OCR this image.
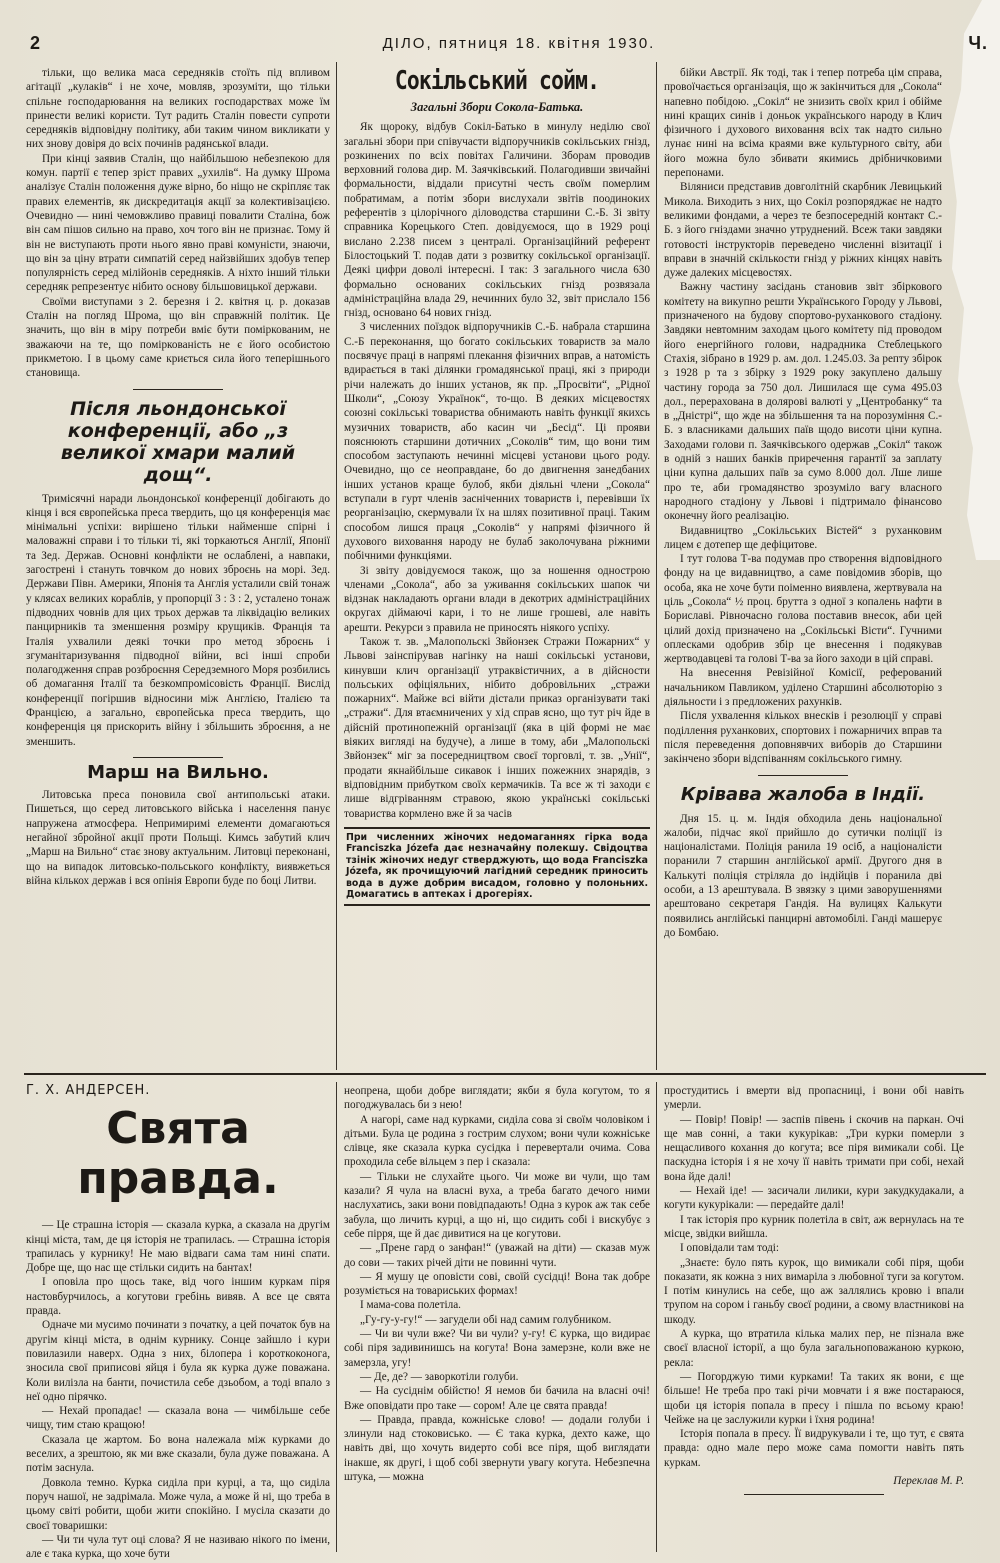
2	ДІЛО, пятниця 18. квітня 1930.	Ч.

тільки, що велика маса середняків стоїть під впливом агітації „кулаків“ і не хоче, мовляв, зрозуміти, що тільки спільне господарювання на великих господарствах може їм принести великі користи. Тут радить Сталін повести супроти середняків відповідну політику, аби таким чином викликати у них знову довіря до всіх починів радянської влади.

При кінці заявив Сталін, що найбільшою небезпекою для комун. партії є тепер зріст правих „ухилів“. На думку Шрома аналізує Сталін положення дуже вірно, бо ніщо не скріпляє так правих елементів, як дискредитація акції за колективізацією. Очевидно — нині чемовжливо правиці повалити Сталіна, бож він сам пішов сильно на право, хоч того він не признає. Тому й він не виступають проти нього явно праві комуністи, знаючи, що він за ціну втрати симпатій серед найзвійших здобув тепер популярність серед мілійонів середняків. А ніхто інший тільки середняк репрезентує нібито основу більшовицької держави.

Своїми виступами з 2. березня і 2. квітня ц. р. доказав Сталін на погляд Шрома, що він справжній політик. Це значить, що він в міру потреби вміє бути поміркованим, не зважаючи на те, що поміркованість не є його особистою прикметою. І в цьому саме криється сила його теперішнього становища.

Після льондонської конференції, або „з великої хмари малий дощ“.

Тримісячні наради льондонської конференції добігають до кінця і вся європейська преса твердить, що ця конференція має мінімальні успіхи: вирішено тільки найменше спірні і маловажні справи і то тільки ті, які торкаються Англії, Японії та Зед. Держав. Основні конфлікти не ослаблені, а навпаки, загострені і стануть товчком до нових зброєнь на морі. Зед. Держави Півн. Америки, Японія та Англія усталили свій тонаж у клясах великих кораблів, у пропорції 3 : 3 : 2, устaлено тонаж підводних човнів для цих трьох держав та ліквідацію великих панцирників та зменшення розміру крущиків. Франція та Італія ухвалили деякі точки про метод зброєнь і згуманітаризування підводної війни, всі інші спроби полагодження справ розброєння Середземного Моря розбились об домагання Італії та безкомпромісовість Франції. Вислід конференції погіршив відносини між Англією, Італією та Францією, а загально, європейська преса твердить, що конференція ця прискорить війну і збільшить зброєння, а не зменшить.

Марш на Вильно.

Литовська преса поновила свої антипольські атаки. Пишеться, що серед литовського війська і населення панує напружена атмосфера. Непримиримі елементи домагаються негайної збройної акції проти Польщі. Кимсь забутий клич „Марш на Вильно“ стає знову актуальним. Литовці переконані, що на випадок литовсько-польського конфлікту, виявжеться війна кількох держав і вся опінія Европи буде по боці Литви.

Сокільський сойм.
Загальні Збори Сокола-Батька.

Як щороку, відбув Сокіл-Батько в минулу неділю свої загальні збори при співучасти відпоручників сокільських гнізд, розкинених по всіх повітах Галичини. Зборам проводив верховний голова дир. М. Заячківський. Полагодивши звичайні формальности, віддали присутні честь своїм померлим побратимам, а потім збори вислухали звітів поодиноких референтів з цілорічного діловодства старшини С.-Б. Зі звіту справника Корецького Степ. довідуємося, що в 1929 році вислано 2.238 писем з централі. Організаційний референт Білостоцький Т. подав дати з розвитку сокільської організації. Деякі цифри доволі інтересні. І так: З загального числа 630 формально основаних сокільських гнізд розвязала адміністраційна влада 29, нечинних було 32, звіт прислало 156 гнізд, основано 64 нових гнізд.

З численних поїздок відпоручників С.-Б. набрала старшина С.-Б переконання, що богато сокільських товариств за мало посвячує праці в напрямі плекання фізичних вправ, а натомість вдирається в такі ділянки громадянської праці, які з природи річи належать до інших установ, як пр. „Просвіти“, „Рідної Школи“, „Союзу Українок“, то-що. В деяких місцевостях союзні сокільські товариства обнимають навіть функції якихсь музичних товариств, або касин чи „Бесід“. Ці прояви пояснюють старшини дотичних „Соколів“ тим, що вони тим способом заступають нечинні місцеві установи цього роду. Очевидно, що се неоправдане, бо до двигнення занедбаних інших установ краще булоб, якби діяльні члени „Сокола“ вступали в гурт членів засніченних товариств і, перевівши їх реорганізацію, скермували їх на шлях позитивної праці. Таким способом лишся праця „Соколів“ у напрямі фізичного й духового виховання народу не булаб заколочувана ріжними побічними функціями.

Зі звіту довідуємося також, що за ношення однострою членами „Сокола“, або за уживання сокільських шапок чи відзнак накладають органи влади в декотрих адміністраційних округах діймаючі кари, і то не лише грошеві, але навіть арешти. Рекурси з правила не приносять ніякого успіху.

Також т. зв. „Малопольскі Звйонзек Стражи Пожарних“ у Львові заінспірував нагінку на наші сокільські установи, кинувши клич організації утраквістичних, а в дійсности польських офіціяльних, нібито добровільних „стражи пожарних“. Майже всі війти дістали приказ організувати такі „стражи“. Для втаємничених у хід справ ясно, що тут річ йде в дійсній протинопежній організації (яка в цій формі не має віяких вигляді на будуче), а лише в тому, аби „Малопольскі Звйонзек“ міг за посередництвом своєї торговлі, т. зв. „Унії“, продати якнайбільше сикавок і інших пожежних знарядів, з відповідним прибутком своїх кермачиків. Та все ж ті заходи є лише відгріванням стравою, якою українські сокільські товариства кормлено вже й за часів

При численних жіночих недомаганнях гірка вода Franciszka Józefa дає незначайну полекшу. Свідоцтва тзінік жіночих недуг стверджують, що вода Franciszka Józefa, як прочищуючий лагідний середник приносить вода в дуже добрим висадом, головно у полоньних. Домагатись в аптеках і дрогеріях.

бійки Австрії. Як тоді, так і тепер потреба цім справа, провоїчається організація, що ж закінчиться для „Сокола“ напевно побідою. „Сокіл“ не знизить своїх крил і обійме нині кращих синів і доньок українського народу в Клич фізичного і духового виховання всіх так надто сильно лунає нині на всіма краями вже культурного світу, аби його можна було збивати якимись дрібничковими перепонами.

Віляниси представив довголітній скарбник Левицький Микола. Виходить з них, що Сокіл розпоряджає не надто великими фондами, а через те безпосередній контакт С.-Б. з його гніздами значно утруднений. Всеж таки завдяки готовості інструкторів переведено численні візитації і вправи в значній скількости гнізд у ріжних кінцях навіть дуже далеких місцевостях.

Важну частину засідань становив звіт збіркового комітету на викупно решти Українського Городу у Львові, призначеного на будову спортово-руханкового стадіону. Завдяки невтомним заходам цього комітету під проводом його енергійного голови, надрадника Стеблецького Стахія, зібрано в 1929 р. ам. дол. 1.245.03. За репту збірок з 1928 р та з збірку з 1929 року закуплено дальшу частину города за 750 дол. Лишилася ще сума 495.03 дол., перерахована в долярові валюті у „Центробанку“ та в „Дністрі“, що жде на збільшення та на порозуміння С.-Б. з власниками дальших паїв щодо висоти ціни купна. Заходами голови п. Заячківського одержав „Сокіл“ також в одній з наших банків приречення гарантії за заплату ціни купна дальших паїв за сумо 8.000 дол. Лше лише про те, аби громадянство зрозуміло вагу власного народного стадіону у Львові і підтримало фінансово оконечну його реалізацію.

Видавництво „Сокільських Вістей“ з руханковим лицем є дотепер ще дефіцитове.

І тут голова Т-ва подумав про створення відповідного фонду на це видавництво, а саме повідомив зборів, що особа, яка не хоче бути поіменно виявлена, жертвувала на ціль „Сокола“ ½ проц. брутта з одної з копалень нафти в Бориславі. Рівночасно голова поставив внесок, аби цей цілий дохід призначено на „Сокільські Вісти“. Гучними оплесками одобрив збір це внесення і подякував жертводавцеві та голові Т-ва за його заходи в цій справі.

На внесення Ревізійної Комісії, реферований начальником Павликом, уділено Старшині абсолюторію з діяльности і з предложених рахунків.

Після ухвалення кількох внесків і резолюції у справі поділлення руханкових, спортових і пожарничих вправ та після переведення доповнявчих виборів до Старшини закінчено збори відспіванням сокільського гимну.

Крівава жалоба в Індії.

Дня 15. ц. м. Індія обходила день національної жалоби, підчас якої прийшло до сутички поліції із націоналістами. Поліція ранила 19 осіб, а націоналісти поранили 7 старшин англійської армії. Другого дня в Калькуті поліція стріляла до індійців і поранила дві особи, а 13 арештувала. В звязку з цими заворушеннями арештовано секретаря Гандія. На вулицях Калькути появились англійські панцирні автомобілі. Ганді машерує до Бомбаю.

Г. X. АНДЕРСЕН.
Свята правда.

— Це страшна історія — сказала курка, а сказала на другім кінці міста, там, де ця історія не трапилась. — Страшна історія трапилась у курнику! Не маю відваги сама там нині спати. Добре ще, що нас ще стільки сидить на бантах!

І оповіла про щось таке, від чого іншим куркам піря настовбурчилось, а когутови гребінь вивяв. А все це свята правда.

Одначе ми мусимо починати з початку, а цей початок був на другім кінці міста, в однім курнику. Сонце зайшло і кури повилазили наверх. Одна з них, білопера і короткоконога, зносила свої приписові яйця і була як курка дуже поважана. Коли вилізла на банти, почистила себе дзьобом, а тоді впало з неї одно пірячко.

— Нехай пропадає! — сказала вона — чимбільше себе чищу, тим стаю кращою!

Сказала це жартом. Бо вона належала між курками до веселиx, а зрештою, як ми вже сказали, була дуже поважана. А потім заснула.

Довкола темно. Курка сиділа при курці, а та, що сиділа поруч нашої, не задрімала. Може чула, а може й ні, що треба в цьому світі робити, щоби жити спокійно. І мусіла сказати до своєї товаришки:

— Чи ти чула тут оці слова? Я не називаю нікого по імени, але є така курка, що хоче бути

неопрена, щоби добре виглядати; якби я була когутом, то я погоджувалась би з нею!

А нагорі, саме над курками, сиділа сова зі своїм чоловіком і дітьми. Була це родина з гострим слухом; вони чули кожніське слівце, яке сказала курка сусідка і перевертали очима. Сова проходила себе вільцем з пер і сказала:

— Тільки не слухайте цього. Чи може ви чули, що там казали? Я чула на власні вуха, а треба багато дечого ними наслухатись, заки вони повідпадають! Одна з курок аж так себе забула, що личить курці, а що ні, що сидить собі і вискубує з себе пірря, ще й дає дивитися на це когутови.

— „Прене гард о занфан!“ (уважай на діти) — сказав муж до сови — таких річей діти не повинні чути.

— Я мушу це оповісти сові, своїй сусідці! Вона так добре розуміється на товариських формах!

І мама-сова полетіла.

„Гу-гу-у-гу!“ — загудели обі над самим голубником.

— Чи ви чули вже? Чи ви чули? у-гу! Є курка, що видирає собі піря задивинишсь на когута! Вона замерзне, коли вже не замерзла, угу!

— Де, де? — заворкотіли голуби.

— На сусіднім обійстю! Я немов би бачила на власні очі! Вже оповідати про таке — сором! Але це свята правда!

— Правда, правда, кожніське слово! — додали голуби і злинули над стоковисько. — Є така курка, дехто каже, що навіть дві, що хочуть видертo собі все піря, щоб виглядати інакше, як другі, і щоб собі звернути увагу когута. Небезпечна штука, — можна

простудитись і вмерти від пропасниці, і вони обі навіть умерли.

— Повір! Повір! — заспів півень і скочив на паркан. Очі ще мав сонні, а таки кукурікав: „Три курки померли з нещасливого кохання до когута; все піря вимикали собі. Це паскудна історія і я не хочу її навіть тримати при собі, нехай вона йде далі!

— Нехай іде! — засичали лилики, кури закудкудакали, а когути кукурікали: — передайте далі!

І так історія про курник полетіла в світ, аж вернулась на те місце, звідки вийшла.

І оповідали там тоді:

„Знаєте: було пять курок, що вимикали собі піря, щоби показати, як кожна з них вимаріла з любовної туги за когутом. І потім кинулись на себе, що аж заллялись кровю і впали трупом на сором і ганьбу своєї родини, а свому властникові на шкоду.

А курка, що втратила кілька малих пер, не пізнала вже своєї власної історії, а що була загальноповажаною куркою, рекла:

— Погорджую тими курками! Та таких як вони, є ще більше! Не треба про такі річи мовчати і я вже постараюся, щоби ця історія попала в пресу і пішла по всьому краю! Чейже на це заслужили курки і їхня родина!

Історія попала в пресу. Її видрукували і те, що тут, є свята правда: одно мале перо може сама помогти навіть пять куркам.

Переклав М. Р.
